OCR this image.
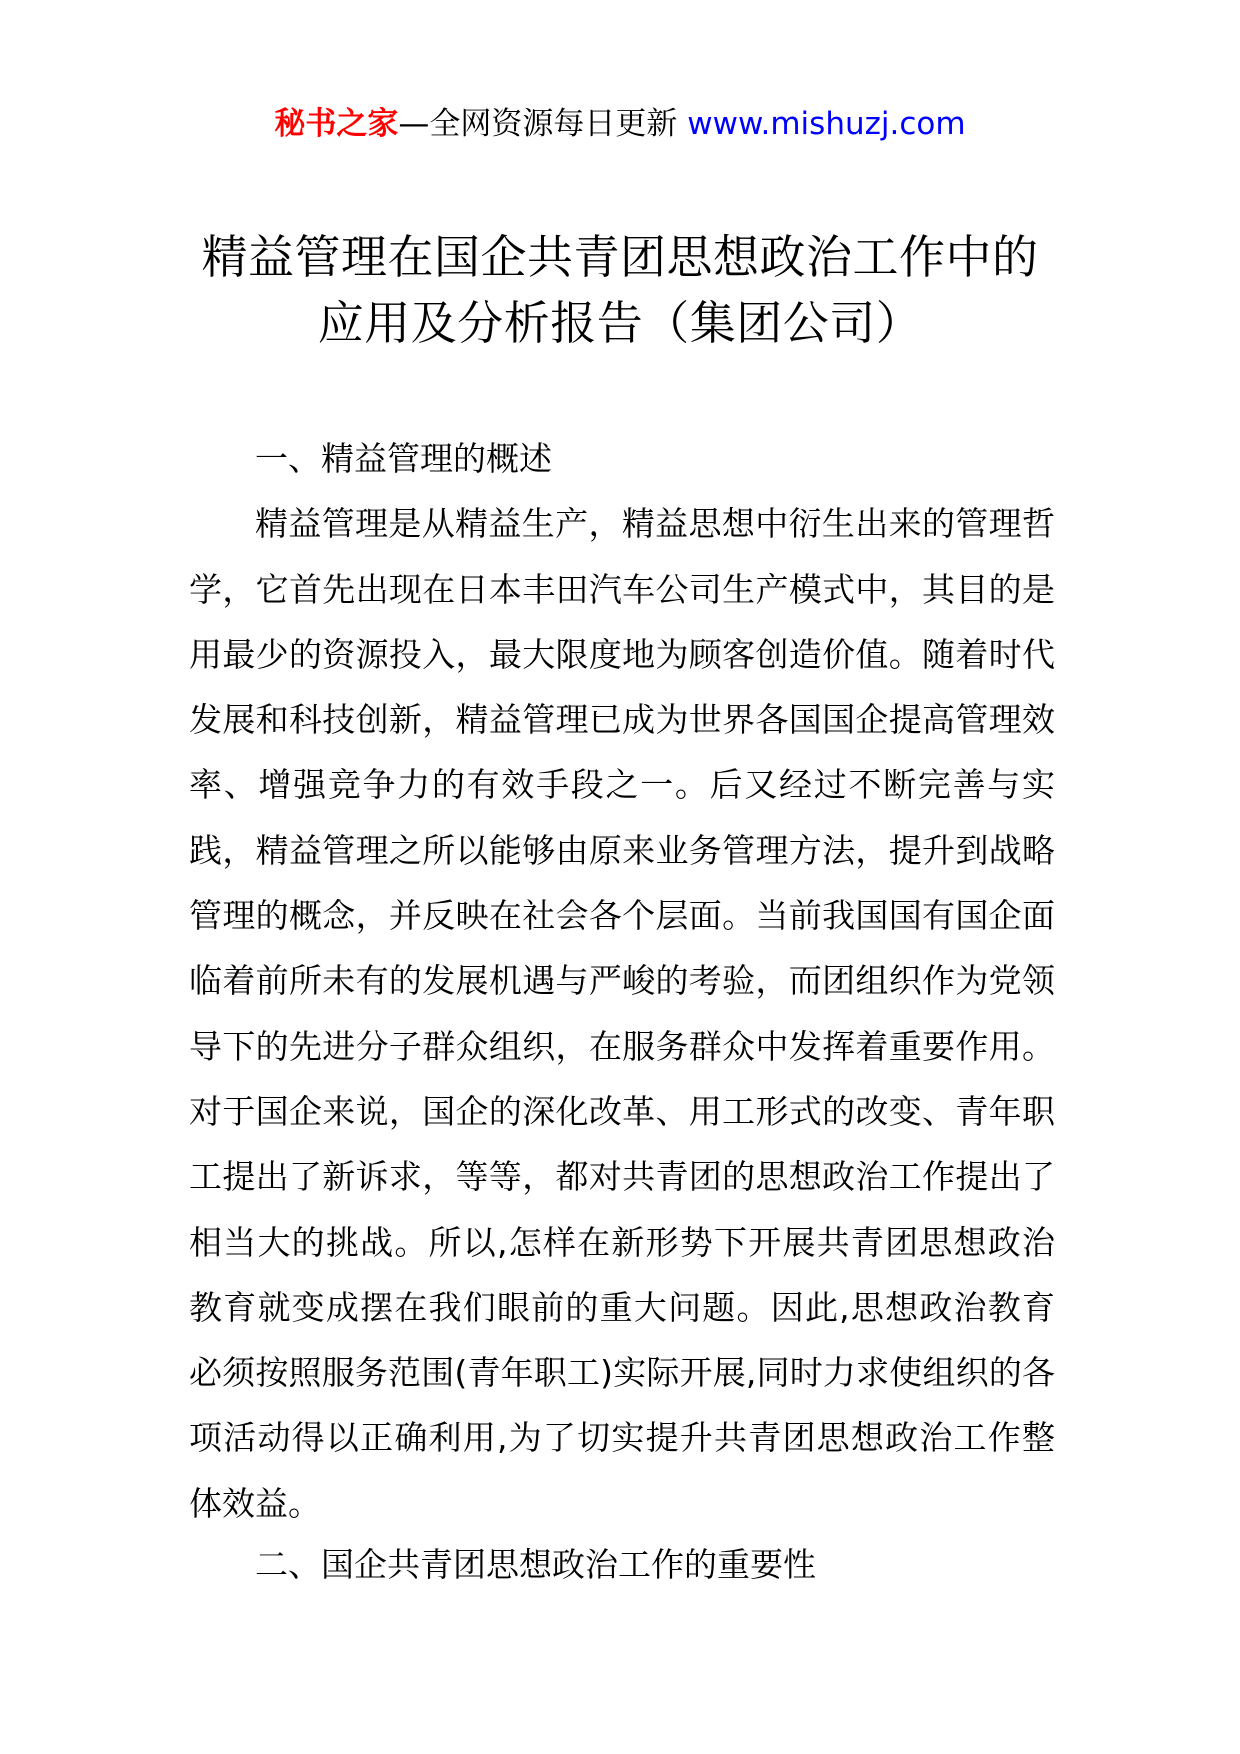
秘书之家—全网资源每日更新 www.mishuzj.com
精益管理在国企共青团思想政治工作中的
应用及分析报告（集团公司）

一、精益管理的概述

精益管理是从精益生产，精益思想中衍生出来的管理哲学，它首先出现在日本丰田汽车公司生产模式中，其目的是用最少的资源投入，最大限度地为顾客创造价值。随着时代发展和科技创新，精益管理已成为世界各国国企提高管理效率、增强竞争力的有效手段之一。后又经过不断完善与实践，精益管理之所以能够由原来业务管理方法，提升到战略管理的概念，并反映在社会各个层面。当前我国国有国企面临着前所未有的发展机遇与严峻的考验，而团组织作为党领导下的先进分子群众组织，在服务群众中发挥着重要作用。对于国企来说，国企的深化改革、用工形式的改变、青年职工提出了新诉求，等等，都对共青团的思想政治工作提出了相当大的挑战。所以,怎样在新形势下开展共青团思想政治教育就变成摆在我们眼前的重大问题。因此,思想政治教育必须按照服务范围(青年职工)实际开展,同时力求使组织的各项活动得以正确利用,为了切实提升共青团思想政治工作整体效益。

二、国企共青团思想政治工作的重要性
